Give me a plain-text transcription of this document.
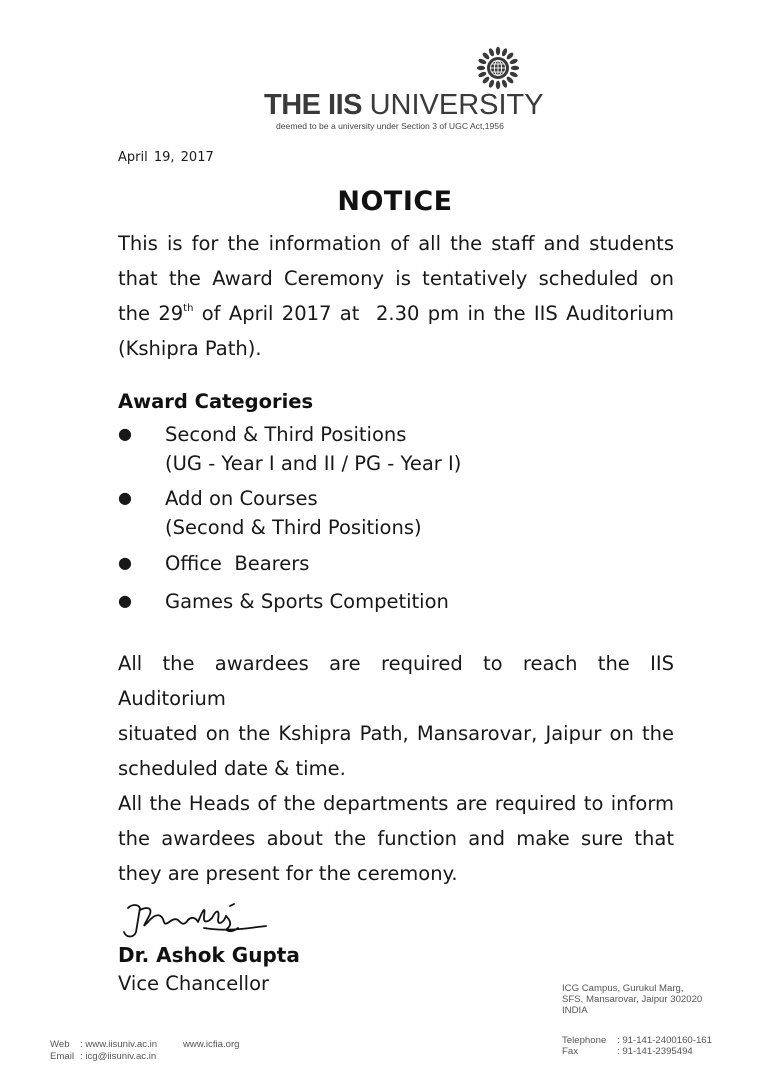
THE IIS UNIVERSITY
deemed to be a university under Section 3 of UGC Act,1956
April 19, 2017
NOTICE
This is for the information of all the staff and students
that the Award Ceremony is tentatively scheduled on
the 29th of April 2017 at  2.30 pm in the IIS Auditorium
(Kshipra Path).
Award Categories
● Second & Third Positions
(UG - Year I and II / PG - Year I)
● Add on Courses
(Second & Third Positions)
● Office  Bearers
● Games & Sports Competition
All the awardees are required to reach the IIS Auditorium
situated on the Kshipra Path, Mansarovar, Jaipur on the
scheduled date & time.
All the Heads of the departments are required to inform
the awardees about the function and make sure that
they are present for the ceremony.
Dr. Ashok Gupta
Vice Chancellor	ICG Campus, Gurukul Marg,
SFS, Mansarovar, Jaipur 302020
INDIA
Web : www.iisuniv.ac.in	www.icfia.org
Email : icg@iisuniv.ac.in
Telephone : 91-141-2400160-161
Fax	: 91-141-2395494
